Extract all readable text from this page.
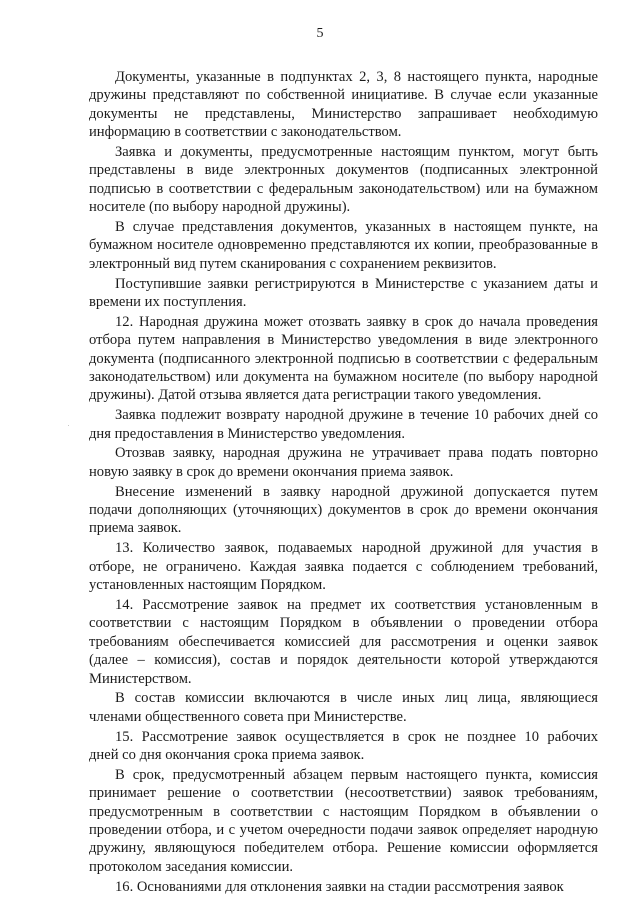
5
Документы, указанные в подпунктах 2, 3, 8 настоящего пункта, народные
дружины представляют по собственной инициативе. В случае если указанные
документы не представлены, Министерство запрашивает необходимую
информацию в соответствии с законодательством.
Заявка и документы, предусмотренные настоящим пунктом, могут быть
представлены в виде электронных документов (подписанных электронной
подписью в соответствии с федеральным законодательством) или на бумажном
носителе (по выбору народной дружины).
В случае представления документов, указанных в настоящем пункте, на
бумажном носителе одновременно представляются их копии, преобразованные в
электронный вид путем сканирования с сохранением реквизитов.
Поступившие заявки регистрируются в Министерстве с указанием даты и
времени их поступления.
12. Народная дружина может отозвать заявку в срок до начала проведения
отбора путем направления в Министерство уведомления в виде электронного
документа (подписанного электронной подписью в соответствии с федеральным
законодательством) или документа на бумажном носителе (по выбору народной
дружины). Датой отзыва является дата регистрации такого уведомления.
Заявка подлежит возврату народной дружине в течение 10 рабочих дней со
дня предоставления в Министерство уведомления.
Отозвав заявку, народная дружина не утрачивает права подать повторно
новую заявку в срок до времени окончания приема заявок.
Внесение изменений в заявку народной дружиной допускается путем
подачи дополняющих (уточняющих) документов в срок до времени окончания
приема заявок.
13. Количество заявок, подаваемых народной дружиной для участия в
отборе, не ограничено. Каждая заявка подается с соблюдением требований,
установленных настоящим Порядком.
14. Рассмотрение заявок на предмет их соответствия установленным в
соответствии с настоящим Порядком в объявлении о проведении отбора
требованиям обеспечивается комиссией для рассмотрения и оценки заявок
(далее – комиссия), состав и порядок деятельности которой утверждаются
Министерством.
В состав комиссии включаются в числе иных лиц лица, являющиеся
членами общественного совета при Министерстве.
15. Рассмотрение заявок осуществляется в срок не позднее 10 рабочих
дней со дня окончания срока приема заявок.
В срок, предусмотренный абзацем первым настоящего пункта, комиссия
принимает решение о соответствии (несоответствии) заявок требованиям,
предусмотренным в соответствии с настоящим Порядком в объявлении о
проведении отбора, и с учетом очередности подачи заявок определяет народную
дружину, являющуюся победителем отбора. Решение комиссии оформляется
протоколом заседания комиссии.
16. Основаниями для отклонения заявки на стадии рассмотрения заявок
